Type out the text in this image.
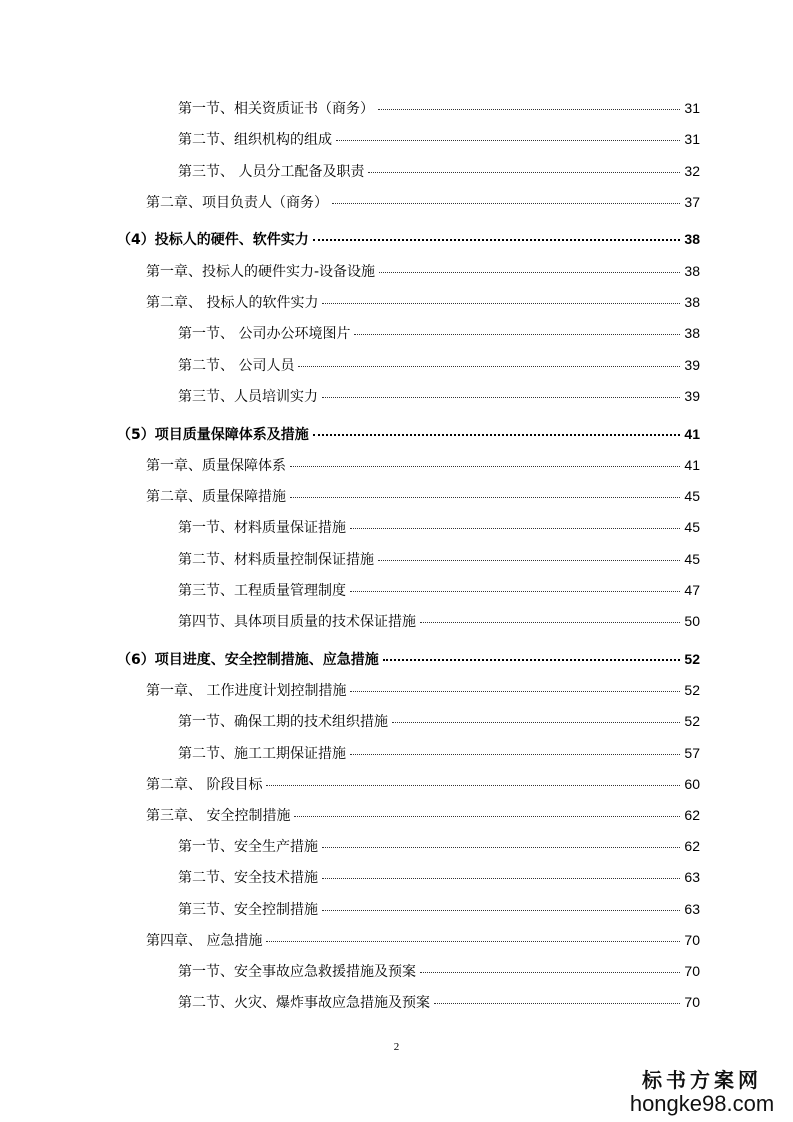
第一节、相关资质证书（商务）	31
第二节、组织机构的组成	31
第三节、 人员分工配备及职责	32
第二章、项目负责人（商务）	37
（4）投标人的硬件、软件实力	38
第一章、投标人的硬件实力-设备设施	38
第二章、 投标人的软件实力	38
第一节、 公司办公环境图片	38
第二节、 公司人员	39
第三节、人员培训实力	39
（5）项目质量保障体系及措施	41
第一章、质量保障体系	41
第二章、质量保障措施	45
第一节、材料质量保证措施	45
第二节、材料质量控制保证措施	45
第三节、工程质量管理制度	47
第四节、具体项目质量的技术保证措施	50
（6）项目进度、安全控制措施、应急措施	52
第一章、 工作进度计划控制措施	52
第一节、确保工期的技术组织措施	52
第二节、施工工期保证措施	57
第二章、 阶段目标	60
第三章、 安全控制措施	62
第一节、安全生产措施	62
第二节、安全技术措施	63
第三节、安全控制措施	63
第四章、 应急措施	70
第一节、安全事故应急救援措施及预案	70
第二节、火灾、爆炸事故应急措施及预案	70
2
标书方案网
hongke98.com
